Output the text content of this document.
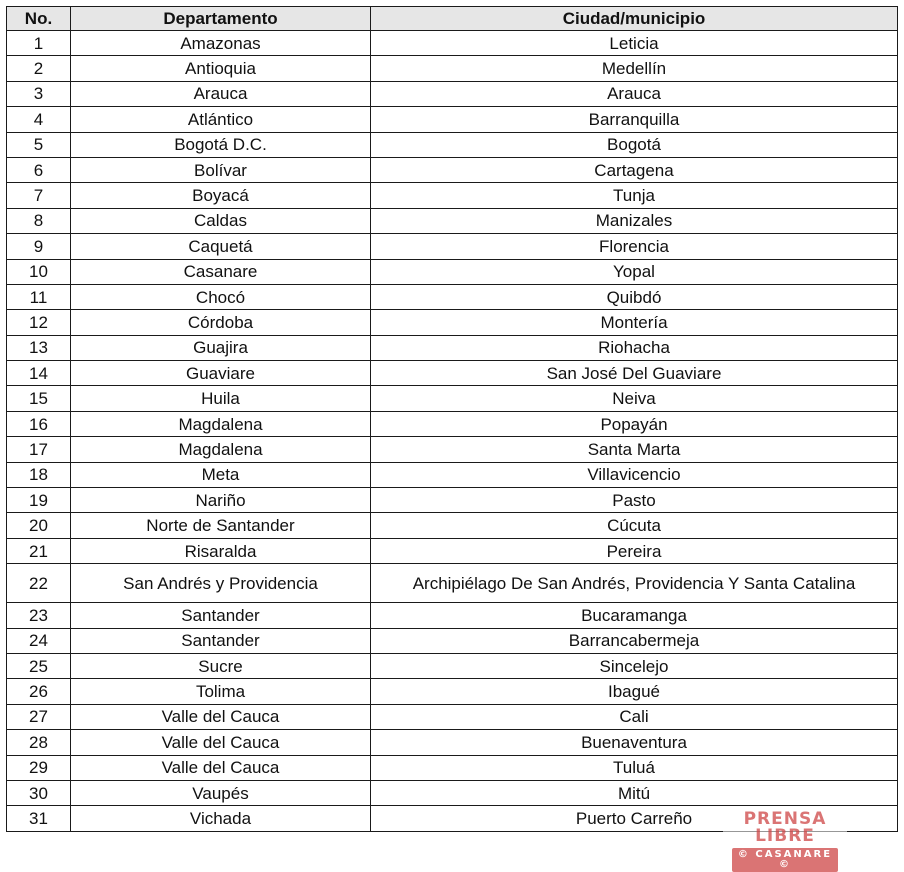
No.	Departamento	Ciudad/municipio
1	Amazonas	Leticia
2	Antioquia	Medellín
3	Arauca	Arauca
4	Atlántico	Barranquilla
5	Bogotá D.C.	Bogotá
6	Bolívar	Cartagena
7	Boyacá	Tunja
8	Caldas	Manizales
9	Caquetá	Florencia
10	Casanare	Yopal
11	Chocó	Quibdó
12	Córdoba	Montería
13	Guajira	Riohacha
14	Guaviare	San José Del Guaviare
15	Huila	Neiva
16	Magdalena	Popayán
17	Magdalena	Santa Marta
18	Meta	Villavicencio
19	Nariño	Pasto
20	Norte de Santander	Cúcuta
21	Risaralda	Pereira
22	San Andrés y Providencia	Archipiélago De San Andrés, Providencia Y Santa Catalina
23	Santander	Bucaramanga
24	Santander	Barrancabermeja
25	Sucre	Sincelejo
26	Tolima	Ibagué
27	Valle del Cauca	Cali
28	Valle del Cauca	Buenaventura
29	Valle del Cauca	Tuluá
30	Vaupés	Mitú
31	Vichada	Puerto Carreño	PRENSA LIBRE
© CASANARE ©
